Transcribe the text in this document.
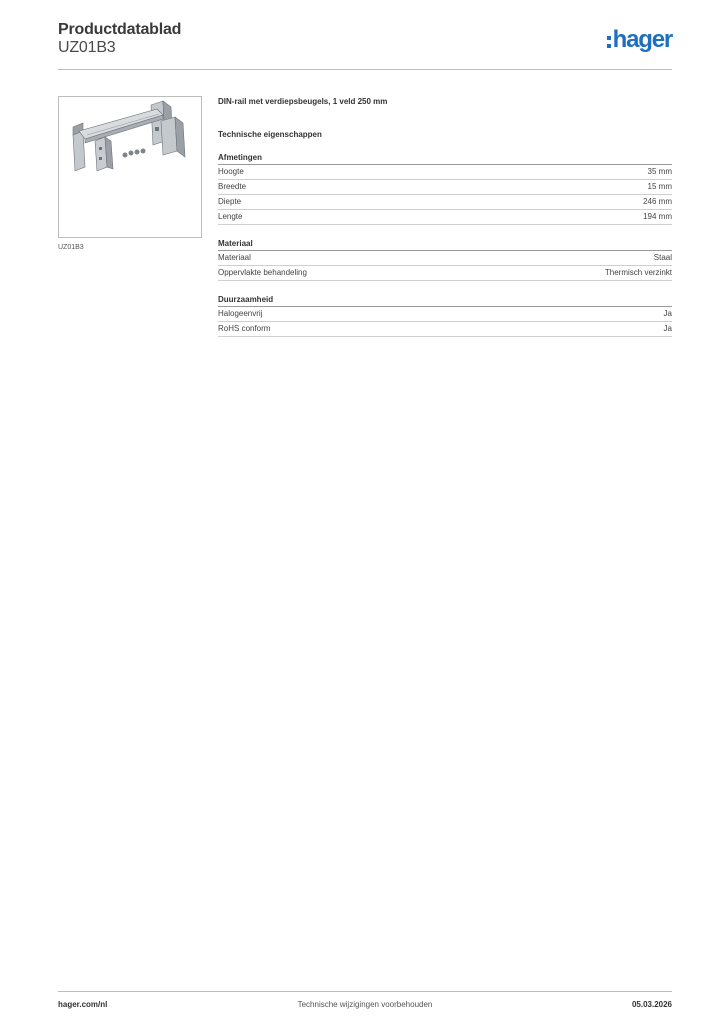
Productdatablad
UZ01B3	hager
UZ01B3
DIN-rail met verdiepsbeugels, 1 veld 250 mm
Technische eigenschappen
Afmetingen
Hoogte	35 mm
Breedte	15 mm
Diepte	246 mm
Lengte	194 mm
Materiaal
Materiaal	Staal
Oppervlakte behandeling	Thermisch verzinkt
Duurzaamheid
Halogeenvrij	Ja
RoHS conform	Ja
hager.com/nl	Technische wijzigingen voorbehouden	05.03.2026
